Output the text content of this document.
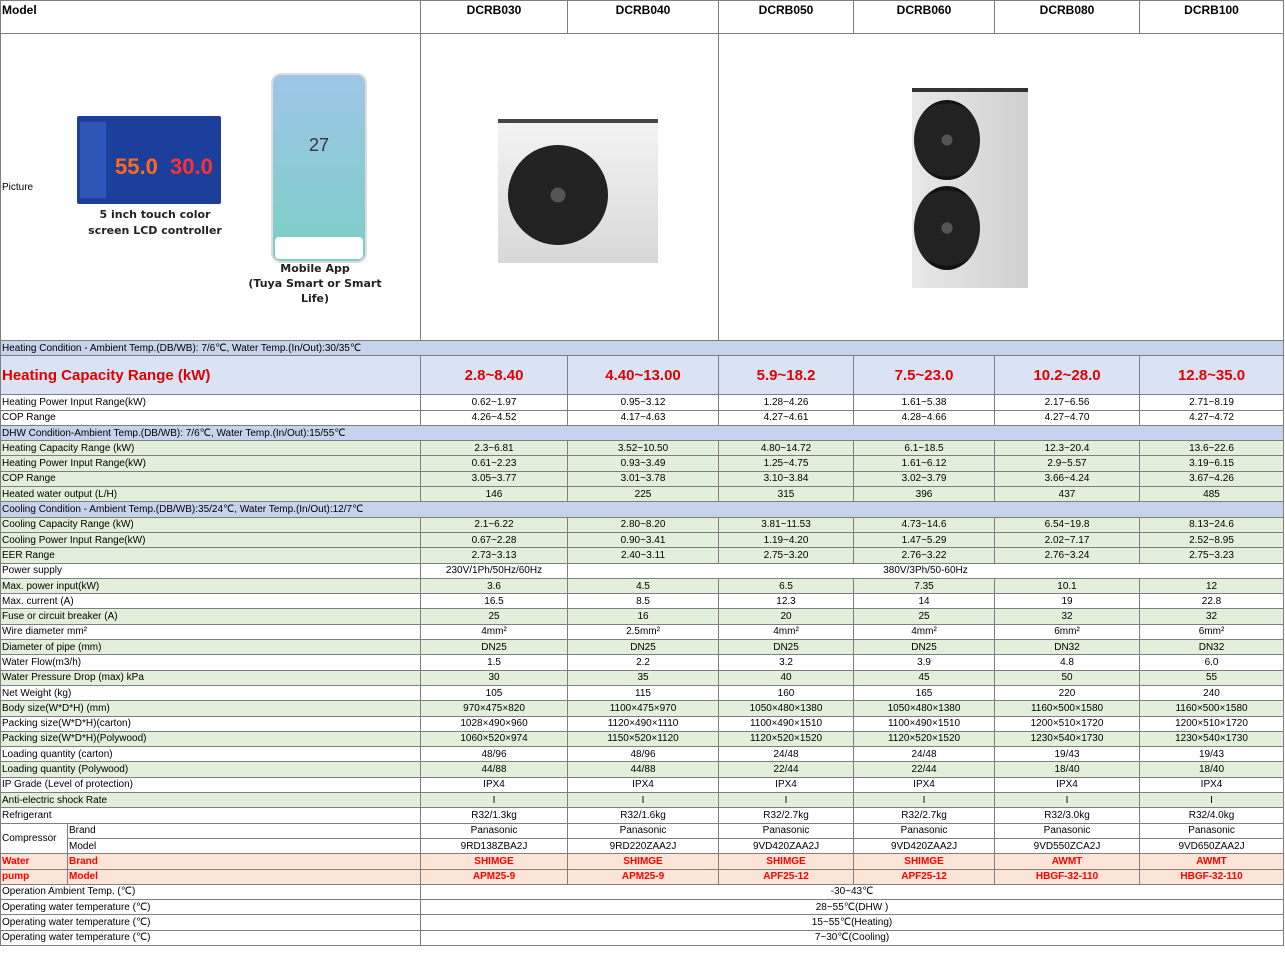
Model		DCRB030	DCRB040	DCRB050	DCRB060	DCRB080	DCRB100
Picture							
Heating Condition - Ambient Temp.(DB/WB): 7/6℃, Water Temp.(In/Out):30/35℃							
Heating Capacity Range (kW)		2.8~8.40	4.40~13.00	5.9~18.2	7.5~23.0	10.2~28.0	12.8~35.0
Heating Power Input Range(kW)		0.62~1.97	0.95~3.12	1.28~4.26	1.61~5.38	2.17~6.56	2.71~8.19
COP Range		4.26~4.52	4.17~4.63	4.27~4.61	4.28~4.66	4.27~4.70	4.27~4.72
DHW Condition-Ambient Temp.(DB/WB): 7/6℃, Water Temp.(In/Out):15/55℃							
Heating Capacity Range (kW)		2.3~6.81	3.52~10.50	4.80~14.72	6.1~18.5	12.3~20.4	13.6~22.6
Heating Power Input Range(kW)		0.61~2.23	0.93~3.49	1.25~4.75	1.61~6.12	2.9~5.57	3.19~6.15
COP Range		3.05~3.77	3.01~3.78	3.10~3.84	3.02~3.79	3.66~4.24	3.67~4.26
Heated water output (L/H)		146	225	315	396	437	485
Cooling Condition - Ambient Temp.(DB/WB):35/24℃, Water Temp.(In/Out):12/7℃							
Cooling Capacity Range (kW)		2.1~6.22	2.80~8.20	3.81~11.53	4.73~14.6	6.54~19.8	8.13~24.6
Cooling Power Input Range(kW)		0.67~2.28	0.90~3.41	1.19~4.20	1.47~5.29	2.02~7.17	2.52~8.95
EER Range		2.73~3.13	2.40~3.11	2.75~3.20	2.76~3.22	2.76~3.24	2.75~3.23
Power supply		230V/1Ph/50Hz/60Hz	380V/3Ph/50-60Hz				
Max. power input(kW)		3.6	4.5	6.5	7.35	10.1	12
Max. current (A)		16.5	8.5	12.3	14	19	22.8
Fuse or circuit breaker (A)		25	16	20	25	32	32
Wire diameter mm²		4mm²	2.5mm²	4mm²	4mm²	6mm²	6mm²
Diameter of pipe (mm)		DN25	DN25	DN25	DN25	DN32	DN32
Water Flow(m3/h)		1.5	2.2	3.2	3.9	4.8	6.0
Water Pressure Drop (max) kPa		30	35	40	45	50	55
Net Weight (kg)		105	115	160	165	220	240
Body size(W*D*H) (mm)		970×475×820	1100×475×970	1050×480×1380	1050×480×1380	1160×500×1580	1160×500×1580
Packing size(W*D*H)(carton)		1028×490×960	1120×490×1110	1100×490×1510	1100×490×1510	1200×510×1720	1200×510×1720
Packing size(W*D*H)(Polywood)		1060×520×974	1150×520×1120	1120×520×1520	1120×520×1520	1230×540×1730	1230×540×1730
Loading quantity (carton)		48/96	48/96	24/48	24/48	19/43	19/43
Loading quantity (Polywood)		44/88	44/88	22/44	22/44	18/40	18/40
IP Grade (Level of protection)		IPX4	IPX4	IPX4	IPX4	IPX4	IPX4
Anti-electric shock Rate		I	I	I	I	I	I
Refrigerant		R32/1.3kg	R32/1.6kg	R32/2.7kg	R32/2.7kg	R32/3.0kg	R32/4.0kg
Compressor	Brand	Panasonic	Panasonic	Panasonic	Panasonic	Panasonic	Panasonic
	Model	9RD138ZBA2J	9RD220ZAA2J	9VD420ZAA2J	9VD420ZAA2J	9VD550ZCA2J	9VD650ZAA2J
Water	Brand	SHIMGE	SHIMGE	SHIMGE	SHIMGE	AWMT	AWMT
pump	Model	APM25-9	APM25-9	APF25-12	APF25-12	HBGF-32-110	HBGF-32-110
Operation Ambient Temp. (℃)		-30~43℃					
Operating water temperature (℃)		28~55℃(DHW )					
Operating water temperature (℃)		15~55℃(Heating)					
Operating water temperature (℃)		7~30℃(Cooling)					
55.0 30.0
5 inch touch color
screen LCD controller
27
Mobile App
(Tuya Smart or Smart Life)
